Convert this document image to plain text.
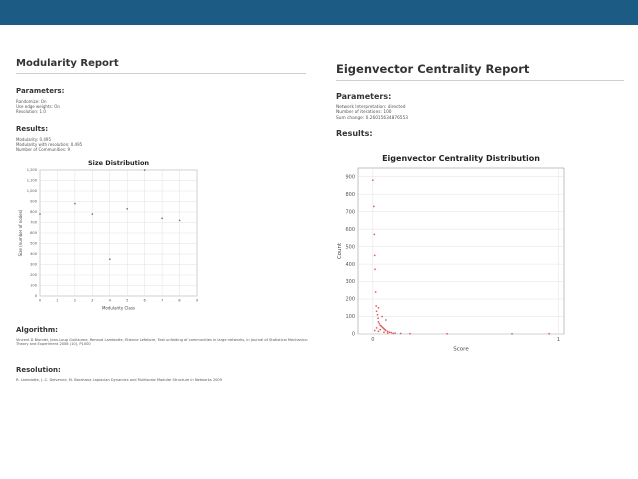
Modularity Report
Parameters:
Randomize: On
Use edge weights: On
Resolution: 1.0
Results:
Modularity: 0.495
Modularity with resolution: 0.495
Number of Communities: 9
Size Distribution
0
100
200
300
400
500
600
700
800
900
1,000
1,100
1,200
0	1	2	3	4	5	6	7	8	9
Modularity Class
Size (number of nodes)
Algorithm:
Vincent D Blondel, Jean-Loup Guillaume, Renaud Lambiotte, Etienne Lefebvre, Fast unfolding of communities in large networks, in Journal of Statistical Mechanics: Theory and Experiment 2008 (10), P1000
Resolution:
R. Lambiotte, J.-C. Delvenne, M. Barahona Laplacian Dynamics and Multiscale Modular Structure in Networks 2009
Eigenvector Centrality Report
Parameters:
Network Interpretation: directed
Number of iterations: 100
Sum change: 0.26015634876553
Results:
Eigenvector Centrality Distribution
0
100
200
300
400
500
600
700
800
900
0	1
Score
Count
